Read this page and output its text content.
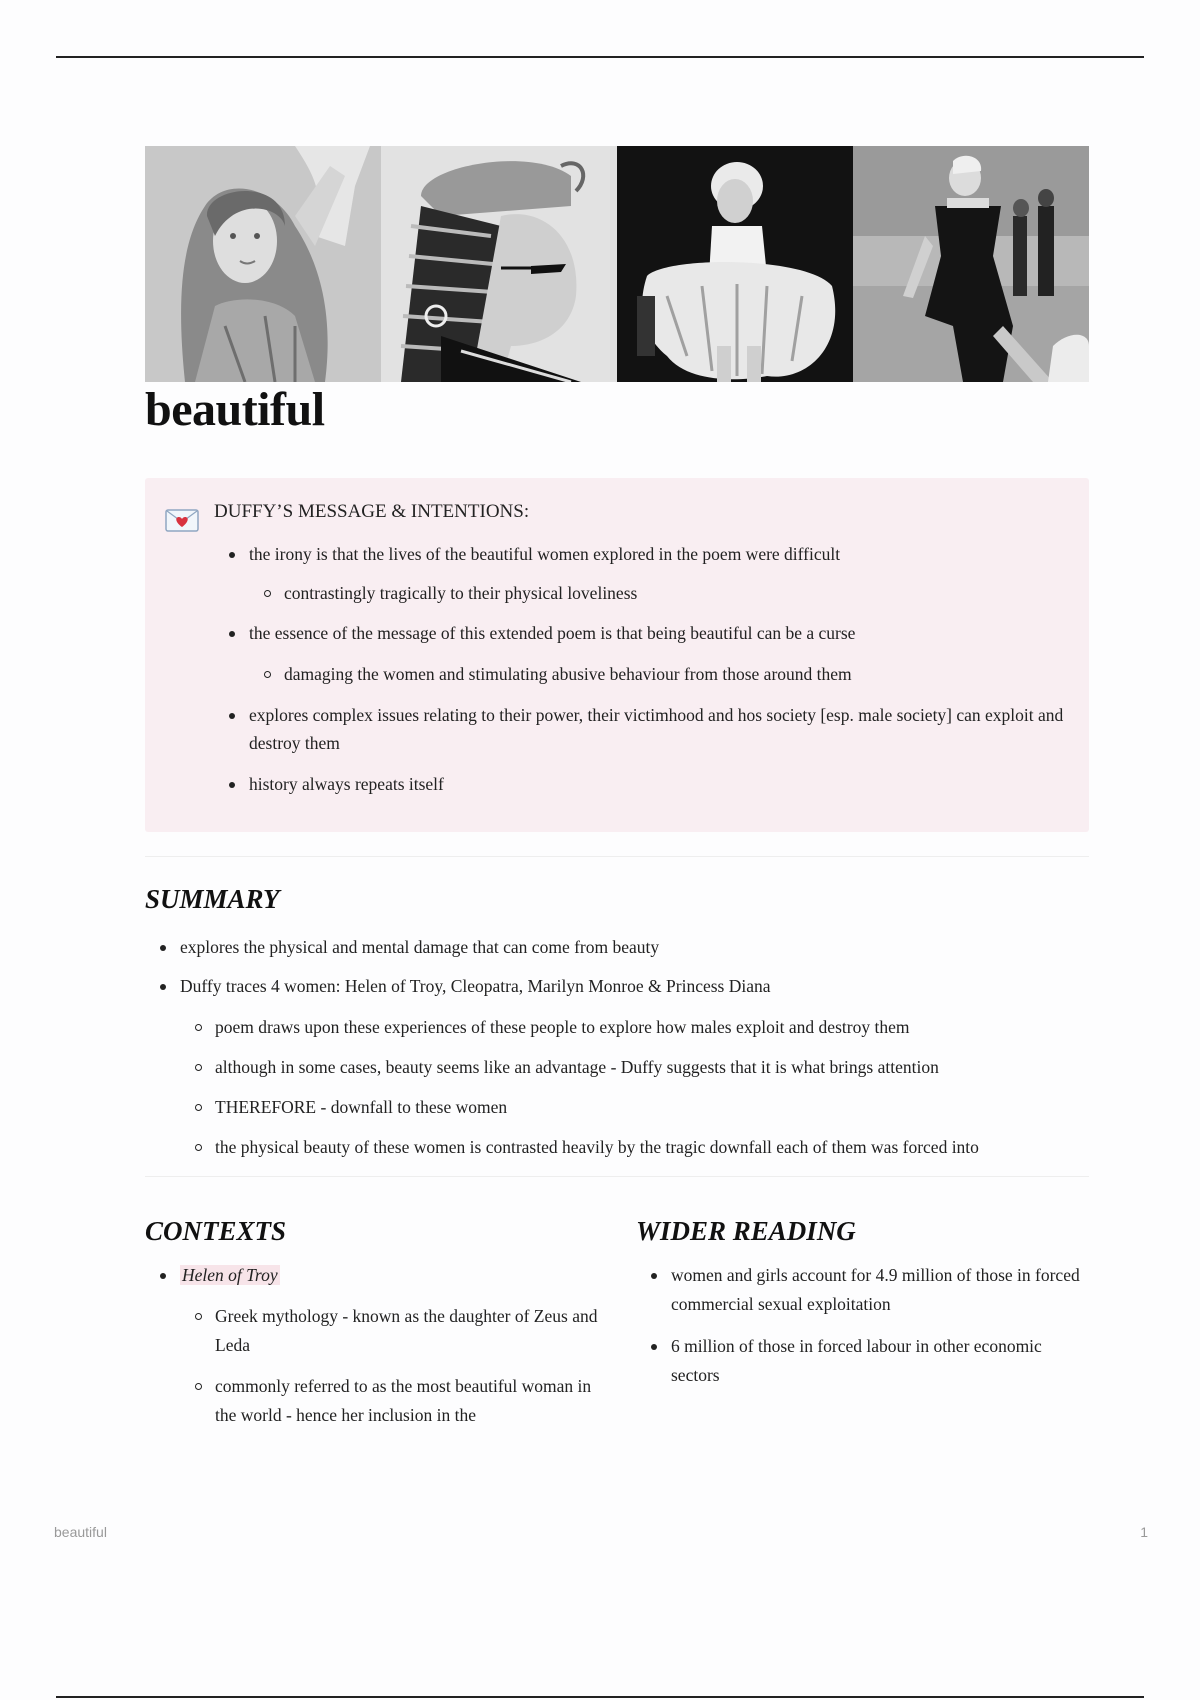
beautiful
DUFFY’S MESSAGE & INTENTIONS:
the irony is that the lives of the beautiful women explored in the poem were difficult
contrastingly tragically to their physical loveliness
the essence of the message of this extended poem is that being beautiful can be a curse
damaging the women and stimulating abusive behaviour from those around them
explores complex issues relating to their power, their victimhood and hos society [esp. male society] can exploit and destroy them
history always repeats itself
SUMMARY
explores the physical and mental damage that can come from beauty
Duffy traces 4 women: Helen of Troy, Cleopatra, Marilyn Monroe & Princess Diana
poem draws upon these experiences of these people to explore how males exploit and destroy them
although in some cases, beauty seems like an advantage - Duffy suggests that it is what brings attention
THEREFORE - downfall to these women
the physical beauty of these women is contrasted heavily by the tragic downfall each of them was forced into
CONTEXTS
Helen of Troy
Greek mythology - known as the daughter of Zeus and Leda
commonly referred to as the most beautiful woman in the world - hence her inclusion in the
WIDER READING
women and girls account for 4.9 million of those in forced commercial sexual exploitation
6 million of those in forced labour in other economic sectors
beautiful	1
